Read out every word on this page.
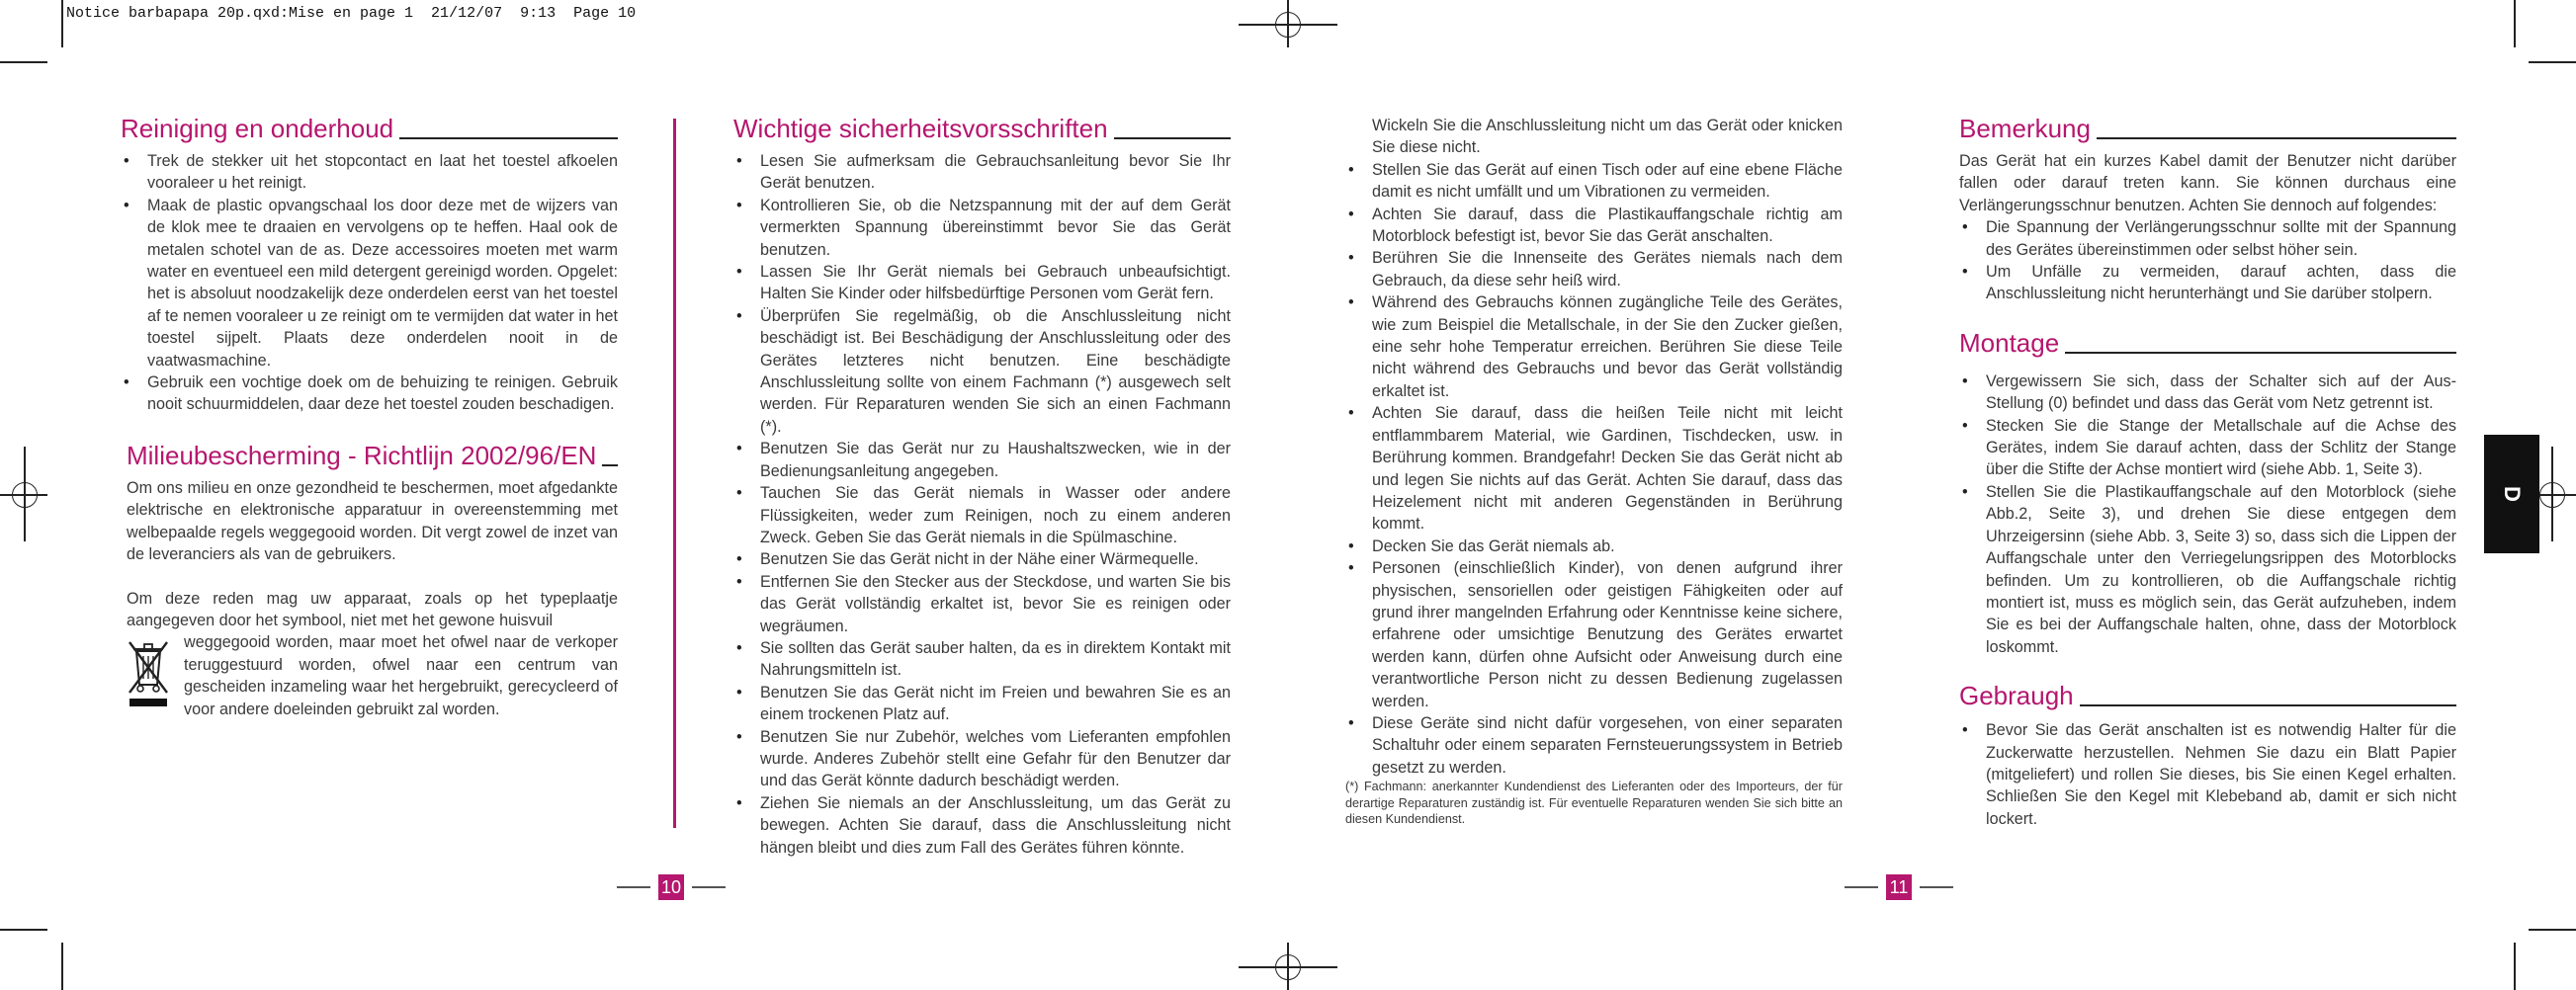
Notice barbapapa 20p.qxd:Mise en page 1  21/12/07  9:13  Page 10
Reiniging en onderhoud
• Trek de stekker uit het stopcontact en laat het toestel afkoelen vooraleer u het reinigt.
• Maak de plastic opvangschaal los door deze met de wijzers van de klok mee te draaien en vervolgens op te heffen. Haal ook de metalen schotel van de as. Deze accessoires moeten met warm water en eventueel een mild detergent gereinigd worden. Opgelet: het is absoluut noodzakelijk deze onderdelen eerst van het toestel af te nemen vooraleer u ze reinigt om te vermijden dat water in het toestel sijpelt. Plaats deze onderdelen nooit in de vaatwasmachine.
• Gebruik een vochtige doek om de behuizing te reinigen. Gebruik nooit schuurmiddelen, daar deze het toestel zouden beschadigen.
Milieubescherming - Richtlijn 2002/96/EN

Om ons milieu en onze gezondheid te beschermen, moet afgedankte elektrische en elektronische apparatuur in overeenstemming met welbepaalde regels weggegooid worden. Dit vergt zowel de inzet van de leveranciers als van de gebruikers.

Om deze reden mag uw apparaat, zoals op het typeplaatje aangegeven door het symbool, niet met het gewone huisvuil

weggegooid worden, maar moet het ofwel naar de verkoper teruggestuurd worden, ofwel naar een centrum van gescheiden inzameling waar het hergebruikt, gerecycleerd of voor andere doeleinden gebruikt zal worden.

Wichtige sicherheitsvorsschriften
• Lesen Sie aufmerksam die Gebrauchsanleitung bevor Sie Ihr Gerät benutzen.
• Kontrollieren Sie, ob die Netzspannung mit der auf dem Gerät vermerkten Spannung übereinstimmt bevor Sie das Gerät benutzen.
• Lassen Sie Ihr Gerät niemals bei Gebrauch unbeaufsichtigt. Halten Sie Kinder oder hilfsbedürftige Personen vom Gerät fern.
• Überprüfen Sie regelmäßig, ob die Anschlussleitung nicht beschädigt ist. Bei Beschädigung der Anschlussleitung oder des Gerätes letzteres nicht benutzen. Eine beschädigte Anschlussleitung sollte von einem Fachmann (*) ausgewech selt werden. Für Reparaturen wenden Sie sich an einen Fachmann (*).
• Benutzen Sie das Gerät nur zu Haushaltszwecken, wie in der Bedienungsanleitung angegeben.
• Tauchen Sie das Gerät niemals in Wasser oder andere Flüssigkeiten, weder zum Reinigen, noch zu einem anderen Zweck. Geben Sie das Gerät niemals in die Spülmaschine.
• Benutzen Sie das Gerät nicht in der Nähe einer Wärmequelle.
• Entfernen Sie den Stecker aus der Steckdose, und warten Sie bis das Gerät vollständig erkaltet ist, bevor Sie es reinigen oder wegräumen.
• Sie sollten das Gerät sauber halten, da es in direktem Kontakt mit Nahrungsmitteln ist.
• Benutzen Sie das Gerät nicht im Freien und bewahren Sie es an einem trockenen Platz auf.
• Benutzen Sie nur Zubehör, welches vom Lieferanten empfohlen wurde. Anderes Zubehör stellt eine Gefahr für den Benutzer dar und das Gerät könnte dadurch beschädigt werden.
• Ziehen Sie niemals an der Anschlussleitung, um das Gerät zu bewegen. Achten Sie darauf, dass die Anschlussleitung nicht hängen bleibt und dies zum Fall des Gerätes führen könnte.
10

Wickeln Sie die Anschlussleitung nicht um das Gerät oder knicken Sie diese nicht.

• Stellen Sie das Gerät auf einen Tisch oder auf eine ebene Fläche damit es nicht umfällt und um Vibrationen zu vermeiden.
• Achten Sie darauf, dass die Plastikauffangschale richtig am Motorblock befestigt ist, bevor Sie das Gerät anschalten.
• Berühren Sie die Innenseite des Gerätes niemals nach dem Gebrauch, da diese sehr heiß wird.
• Während des Gebrauchs können zugängliche Teile des Gerätes, wie zum Beispiel die Metallschale, in der Sie den Zucker gießen, eine sehr hohe Temperatur erreichen. Berühren Sie diese Teile nicht während des Gebrauchs und bevor das Gerät vollständig erkaltet ist.
• Achten Sie darauf, dass die heißen Teile nicht mit leicht entflammbarem Material, wie Gardinen, Tischdecken, usw. in Berührung kommen. Brandgefahr! Decken Sie das Gerät nicht ab und legen Sie nichts auf das Gerät. Achten Sie darauf, dass das Heizelement nicht mit anderen Gegenständen in Berührung kommt.
• Decken Sie das Gerät niemals ab.
• Personen (einschließlich Kinder), von denen aufgrund ihrer physischen, sensoriellen oder geistigen Fähigkeiten oder auf grund ihrer mangelnden Erfahrung oder Kenntnisse keine sichere, erfahrene oder umsichtige Benutzung des Gerätes erwartet werden kann, dürfen ohne Aufsicht oder Anweisung durch eine verantwortliche Person nicht zu dessen Bedienung zugelassen werden.
• Diese Geräte sind nicht dafür vorgesehen, von einer separaten Schaltuhr oder einem separaten Fernsteuerungssystem in Betrieb gesetzt zu werden.

(*) Fachmann: anerkannter Kundendienst des Lieferanten oder des Importeurs, der für derartige Reparaturen zuständig ist. Für eventuelle Reparaturen wenden Sie sich bitte an diesen Kundendienst.

Bemerkung

Das Gerät hat ein kurzes Kabel damit der Benutzer nicht darüber fallen oder darauf treten kann. Sie können durchaus eine Verlängerungsschnur benutzen. Achten Sie dennoch auf folgendes:

• Die Spannung der Verlängerungsschnur sollte mit der Spannung des Gerätes übereinstimmen oder selbst höher sein.
• Um Unfälle zu vermeiden, darauf achten, dass die Anschlussleitung nicht herunterhängt und Sie darüber stolpern.
Montage
• Vergewissern Sie sich, dass der Schalter sich auf der Aus-Stellung (0) befindet und dass das Gerät vom Netz getrennt ist.
• Stecken Sie die Stange der Metallschale auf die Achse des Gerätes, indem Sie darauf achten, dass der Schlitz der Stange über die Stifte der Achse montiert wird (siehe Abb. 1, Seite 3).
• Stellen Sie die Plastikauffangschale auf den Motorblock (siehe Abb.2, Seite 3), und drehen Sie diese entgegen dem Uhrzeigersinn (siehe Abb. 3, Seite 3) so, dass sich die Lippen der Auffangschale unter den Verriegelungsrippen des Motorblocks befinden. Um zu kontrollieren, ob die Auffangschale richtig montiert ist, muss es möglich sein, das Gerät aufzuheben, indem Sie es bei der Auffangschale halten, ohne, dass der Motorblock loskommt.
Gebraugh
• Bevor Sie das Gerät anschalten ist es notwendig Halter für die Zuckerwatte herzustellen. Nehmen Sie dazu ein Blatt Papier (mitgeliefert) und rollen Sie dieses, bis Sie einen Kegel erhalten. Schließen Sie den Kegel mit Klebeband ab, damit er sich nicht lockert.
11
D
